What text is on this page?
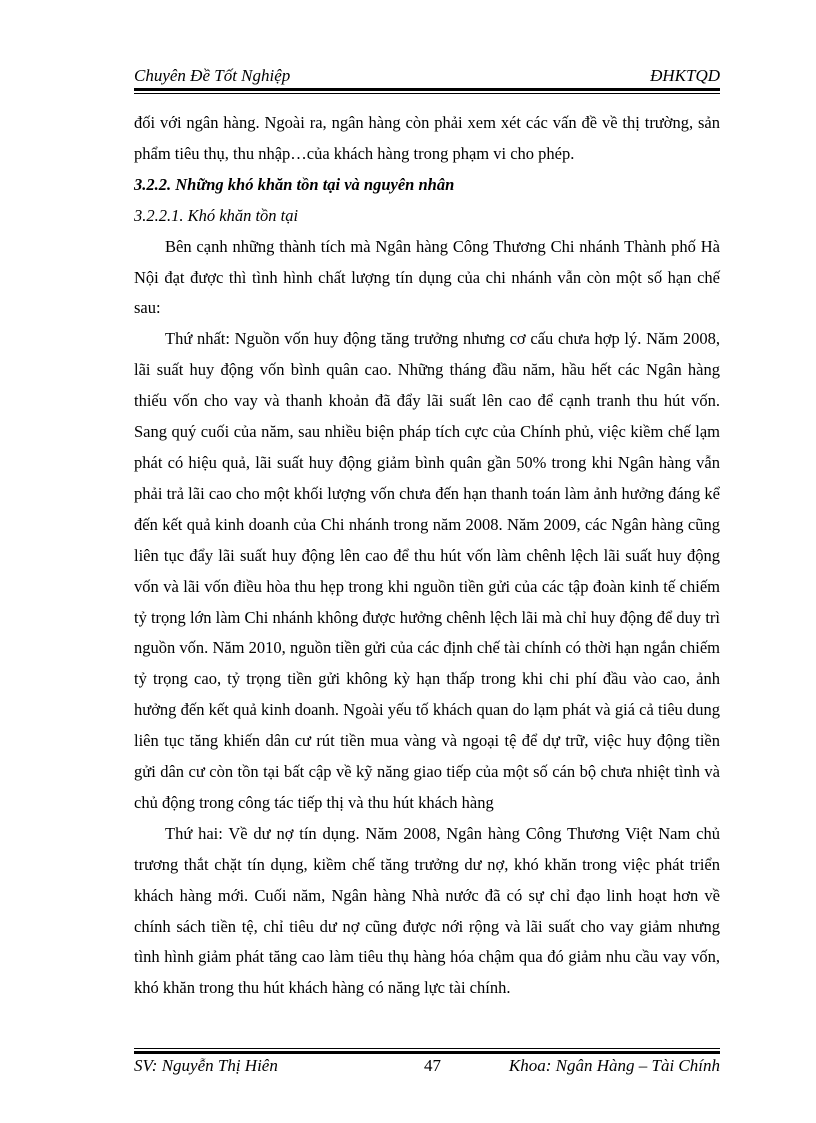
Chuyên Đề Tốt Nghiệp	ĐHKTQD

đối với ngân hàng. Ngoài ra, ngân hàng còn phải xem xét các vấn đề về thị trường, sản phẩm tiêu thụ, thu nhập…của khách hàng trong phạm vi cho phép.

3.2.2. Những khó khăn tồn tại và nguyên nhân

3.2.2.1. Khó khăn tồn tại

Bên cạnh những thành tích mà Ngân hàng Công Thương Chi nhánh Thành phố Hà Nội đạt được thì tình hình chất lượng tín dụng của chi nhánh vẫn còn một số hạn chế sau:

Thứ nhất: Nguồn vốn huy động tăng trưởng nhưng cơ cấu chưa hợp lý. Năm 2008, lãi suất huy động vốn bình quân cao. Những tháng đầu năm, hầu hết các Ngân hàng thiếu vốn cho vay và thanh khoản đã đẩy lãi suất lên cao để cạnh tranh thu hút vốn. Sang quý cuối của năm, sau nhiều biện pháp tích cực của Chính phủ, việc kiềm chế lạm phát có hiệu quả, lãi suất huy động giảm bình quân gần 50% trong khi Ngân hàng vẫn phải trả lãi cao cho một khối lượng vốn chưa đến hạn thanh toán làm ảnh hưởng đáng kể đến kết quả kinh doanh của Chi nhánh trong năm 2008. Năm 2009, các Ngân hàng cũng liên tục đẩy lãi suất huy động lên cao để thu hút vốn làm chênh lệch lãi suất huy động vốn và lãi vốn điều hòa thu hẹp trong khi nguồn tiền gửi của các tập đoàn kinh tế chiếm tỷ trọng lớn làm Chi nhánh không được hưởng chênh lệch lãi mà chỉ huy động để duy trì nguồn vốn. Năm 2010, nguồn tiền gửi của các định chế tài chính có thời hạn ngắn chiếm tỷ trọng cao, tỷ trọng tiền gửi không kỳ hạn thấp trong khi chi phí đầu vào cao, ảnh hưởng đến kết quả kinh doanh. Ngoài yếu tố khách quan do lạm phát và giá cả tiêu dung liên tục tăng khiến dân cư rút tiền mua vàng và ngoại tệ để dự trữ, việc huy động tiền gửi dân cư còn tồn tại bất cập về kỹ năng giao tiếp của một số cán bộ chưa nhiệt tình và chủ động trong công tác tiếp thị và thu hút khách hàng

Thứ hai: Về dư nợ tín dụng. Năm 2008, Ngân hàng Công Thương Việt Nam chủ trương thắt chặt tín dụng, kiềm chế tăng trưởng dư nợ, khó khăn trong việc phát triển khách hàng mới. Cuối năm, Ngân hàng Nhà nước đã có sự chỉ đạo linh hoạt hơn về chính sách tiền tệ, chỉ tiêu dư nợ cũng được nới rộng và lãi suất cho vay giảm nhưng tình hình giảm phát tăng cao làm tiêu thụ hàng hóa chậm qua đó giảm nhu cầu vay vốn, khó khăn trong thu hút khách hàng có năng lực tài chính.

SV: Nguyễn Thị Hiên	47	Khoa: Ngân Hàng – Tài Chính
